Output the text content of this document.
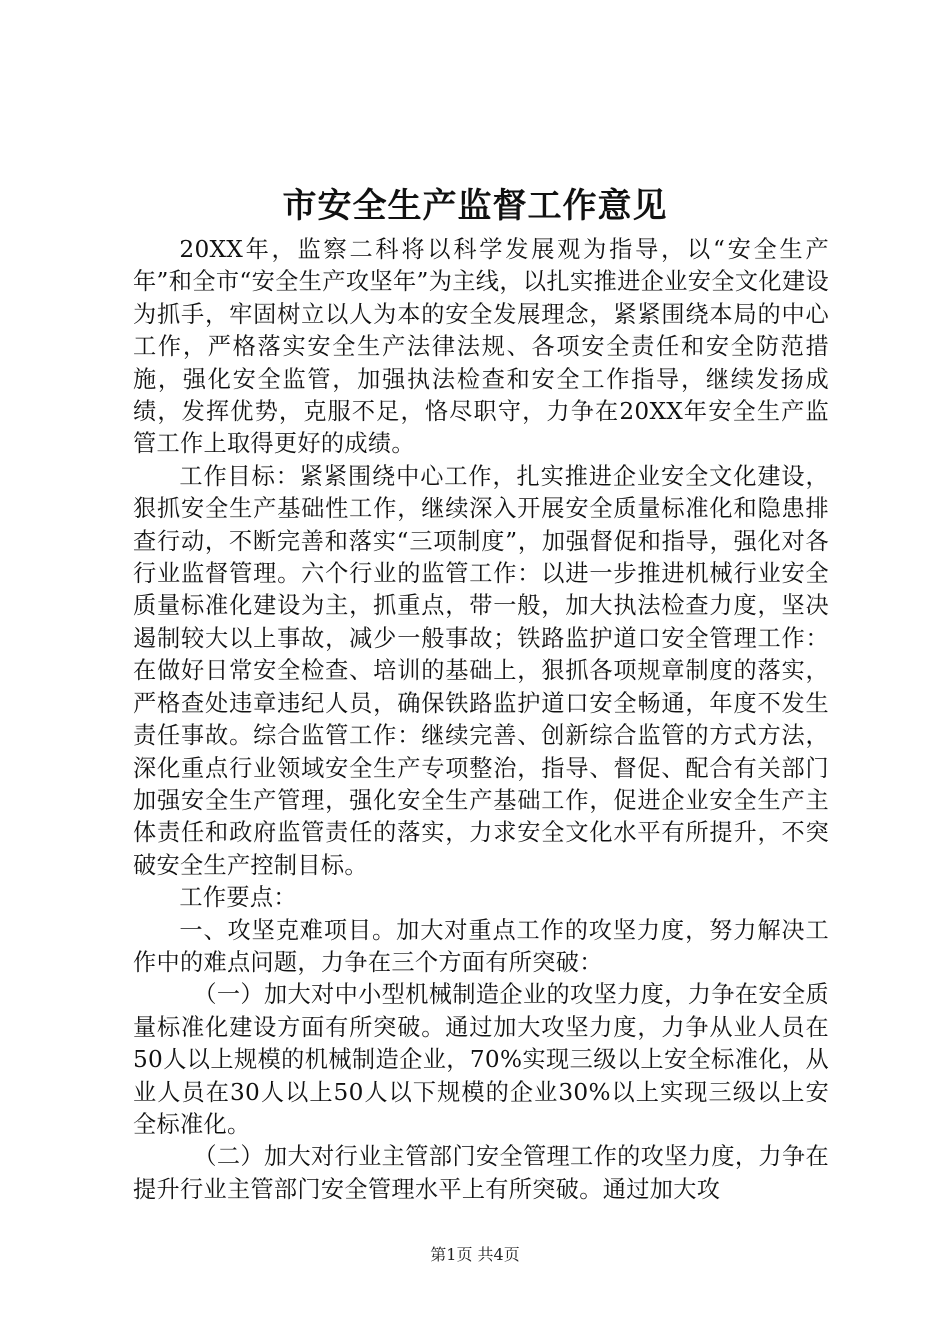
市安全生产监督工作意见

20XX年，监察二科将以科学发展观为指导，以“安全生产年”和全市“安全生产攻坚年”为主线，以扎实推进企业安全文化建设为抓手，牢固树立以人为本的安全发展理念，紧紧围绕本局的中心工作，严格落实安全生产法律法规、各项安全责任和安全防范措施，强化安全监管，加强执法检查和安全工作指导，继续发扬成绩，发挥优势，克服不足，恪尽职守，力争在20XX年安全生产监管工作上取得更好的成绩。

工作目标：紧紧围绕中心工作，扎实推进企业安全文化建设，狠抓安全生产基础性工作，继续深入开展安全质量标准化和隐患排查行动，不断完善和落实“三项制度”，加强督促和指导，强化对各行业监督管理。六个行业的监管工作：以进一步推进机械行业安全质量标准化建设为主，抓重点，带一般，加大执法检查力度，坚决遏制较大以上事故，减少一般事故；铁路监护道口安全管理工作：在做好日常安全检查、培训的基础上，狠抓各项规章制度的落实，严格查处违章违纪人员，确保铁路监护道口安全畅通，年度不发生责任事故。综合监管工作：继续完善、创新综合监管的方式方法，深化重点行业领域安全生产专项整治，指导、督促、配合有关部门加强安全生产管理，强化安全生产基础工作，促进企业安全生产主体责任和政府监管责任的落实，力求安全文化水平有所提升，不突破安全生产控制目标。

工作要点：

一、攻坚克难项目。加大对重点工作的攻坚力度，努力解决工作中的难点问题，力争在三个方面有所突破：

（一）加大对中小型机械制造企业的攻坚力度，力争在安全质量标准化建设方面有所突破。通过加大攻坚力度，力争从业人员在50人以上规模的机械制造企业，70%实现三级以上安全标准化，从业人员在30人以上50人以下规模的企业30%以上实现三级以上安全标准化。

（二）加大对行业主管部门安全管理工作的攻坚力度，力争在提升行业主管部门安全管理水平上有所突破。通过加大攻

第1页 共4页
